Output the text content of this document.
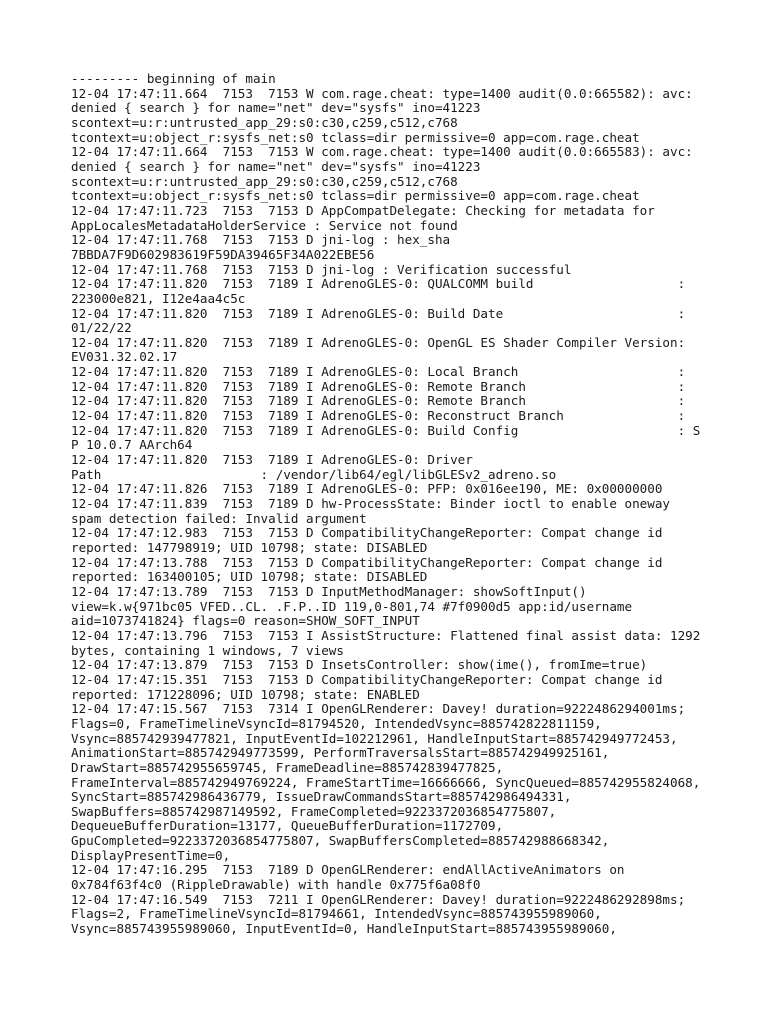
--------- beginning of main
12-04 17:47:11.664  7153  7153 W com.rage.cheat: type=1400 audit(0.0:665582): avc:
denied { search } for name="net" dev="sysfs" ino=41223
scontext=u:r:untrusted_app_29:s0:c30,c259,c512,c768
tcontext=u:object_r:sysfs_net:s0 tclass=dir permissive=0 app=com.rage.cheat
12-04 17:47:11.664  7153  7153 W com.rage.cheat: type=1400 audit(0.0:665583): avc:
denied { search } for name="net" dev="sysfs" ino=41223
scontext=u:r:untrusted_app_29:s0:c30,c259,c512,c768
tcontext=u:object_r:sysfs_net:s0 tclass=dir permissive=0 app=com.rage.cheat
12-04 17:47:11.723  7153  7153 D AppCompatDelegate: Checking for metadata for
AppLocalesMetadataHolderService : Service not found
12-04 17:47:11.768  7153  7153 D jni-log : hex_sha
7BBDA7F9D602983619F59DA39465F34A022EBE56
12-04 17:47:11.768  7153  7153 D jni-log : Verification successful
12-04 17:47:11.820  7153  7189 I AdrenoGLES-0: QUALCOMM build                   :
223000e821, I12e4aa4c5c
12-04 17:47:11.820  7153  7189 I AdrenoGLES-0: Build Date                       :
01/22/22
12-04 17:47:11.820  7153  7189 I AdrenoGLES-0: OpenGL ES Shader Compiler Version:
EV031.32.02.17
12-04 17:47:11.820  7153  7189 I AdrenoGLES-0: Local Branch                     :
12-04 17:47:11.820  7153  7189 I AdrenoGLES-0: Remote Branch                    :
12-04 17:47:11.820  7153  7189 I AdrenoGLES-0: Remote Branch                    :
12-04 17:47:11.820  7153  7189 I AdrenoGLES-0: Reconstruct Branch               :
12-04 17:47:11.820  7153  7189 I AdrenoGLES-0: Build Config                     : S
P 10.0.7 AArch64
12-04 17:47:11.820  7153  7189 I AdrenoGLES-0: Driver
Path                     : /vendor/lib64/egl/libGLESv2_adreno.so
12-04 17:47:11.826  7153  7189 I AdrenoGLES-0: PFP: 0x016ee190, ME: 0x00000000
12-04 17:47:11.839  7153  7189 D hw-ProcessState: Binder ioctl to enable oneway
spam detection failed: Invalid argument
12-04 17:47:12.983  7153  7153 D CompatibilityChangeReporter: Compat change id
reported: 147798919; UID 10798; state: DISABLED
12-04 17:47:13.788  7153  7153 D CompatibilityChangeReporter: Compat change id
reported: 163400105; UID 10798; state: DISABLED
12-04 17:47:13.789  7153  7153 D InputMethodManager: showSoftInput()
view=k.w{971bc05 VFED..CL. .F.P..ID 119,0-801,74 #7f0900d5 app:id/username
aid=1073741824} flags=0 reason=SHOW_SOFT_INPUT
12-04 17:47:13.796  7153  7153 I AssistStructure: Flattened final assist data: 1292
bytes, containing 1 windows, 7 views
12-04 17:47:13.879  7153  7153 D InsetsController: show(ime(), fromIme=true)
12-04 17:47:15.351  7153  7153 D CompatibilityChangeReporter: Compat change id
reported: 171228096; UID 10798; state: ENABLED
12-04 17:47:15.567  7153  7314 I OpenGLRenderer: Davey! duration=9222486294001ms;
Flags=0, FrameTimelineVsyncId=81794520, IntendedVsync=885742822811159,
Vsync=885742939477821, InputEventId=102212961, HandleInputStart=885742949772453,
AnimationStart=885742949773599, PerformTraversalsStart=885742949925161,
DrawStart=885742955659745, FrameDeadline=885742839477825,
FrameInterval=885742949769224, FrameStartTime=16666666, SyncQueued=885742955824068,
SyncStart=885742986436779, IssueDrawCommandsStart=885742986494331,
SwapBuffers=885742987149592, FrameCompleted=9223372036854775807,
DequeueBufferDuration=13177, QueueBufferDuration=1172709,
GpuCompleted=9223372036854775807, SwapBuffersCompleted=885742988668342,
DisplayPresentTime=0,
12-04 17:47:16.295  7153  7189 D OpenGLRenderer: endAllActiveAnimators on
0x784f63f4c0 (RippleDrawable) with handle 0x775f6a08f0
12-04 17:47:16.549  7153  7211 I OpenGLRenderer: Davey! duration=9222486292898ms;
Flags=2, FrameTimelineVsyncId=81794661, IntendedVsync=885743955989060,
Vsync=885743955989060, InputEventId=0, HandleInputStart=885743955989060,
